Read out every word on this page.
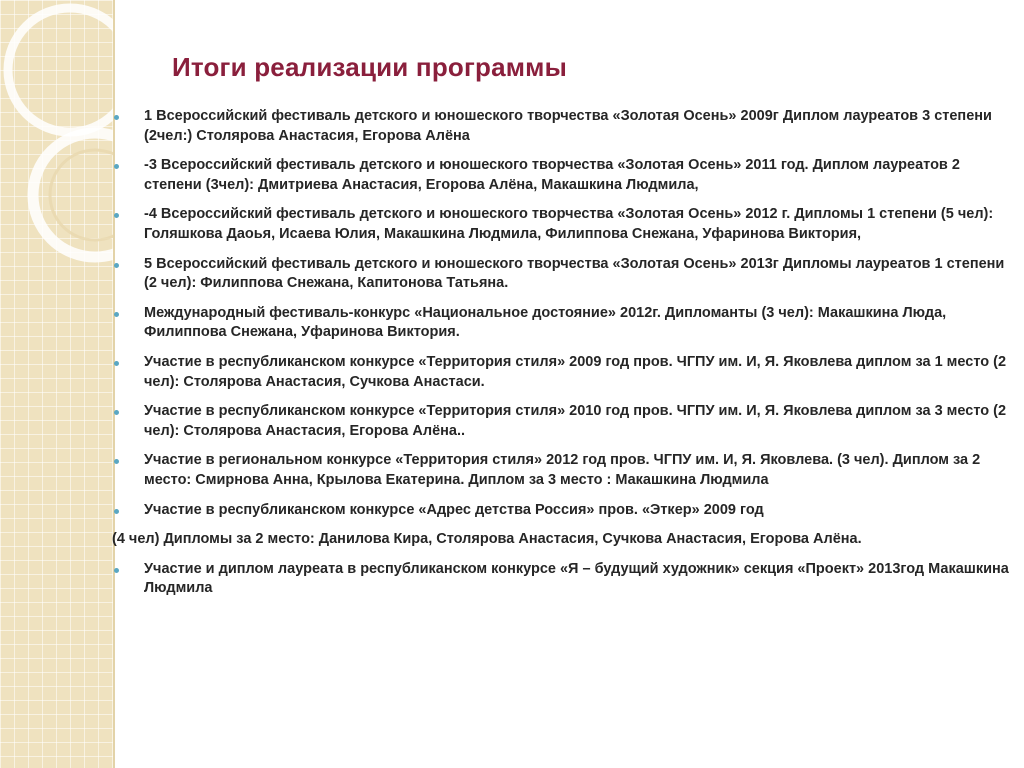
Итоги реализации программы
1 Всероссийский фестиваль детского и юношеского творчества «Золотая Осень» 2009г Диплом лауреатов 3 степени (2чел:) Столярова Анастасия, Егорова Алёна
-3 Всероссийский фестиваль детского и юношеского творчества «Золотая Осень» 2011 год. Диплом лауреатов 2 степени (3чел): Дмитриева Анастасия, Егорова Алёна, Макашкина Людмила,
-4 Всероссийский фестиваль детского и юношеского творчества «Золотая Осень» 2012 г. Дипломы 1 степени (5 чел): Голяшкова Даоья, Исаева Юлия, Макашкина Людмила, Филиппова Снежана, Уфаринова Виктория,
5 Всероссийский фестиваль детского и юношеского творчества «Золотая Осень» 2013г Дипломы лауреатов 1 степени (2 чел): Филиппова Снежана, Капитонова Татьяна.
Международный фестиваль-конкурс «Национальное достояние» 2012г. Дипломанты (3 чел): Макашкина Люда, Филиппова Снежана, Уфаринова Виктория.
Участие в республиканском конкурсе «Территория стиля» 2009 год пров. ЧГПУ им. И, Я. Яковлева диплом за 1 место (2 чел): Столярова Анастасия, Сучкова Анастаси.
Участие в республиканском конкурсе «Территория стиля» 2010 год пров. ЧГПУ им. И, Я. Яковлева диплом за 3 место (2 чел): Столярова Анастасия, Егорова Алёна..
Участие в региональном конкурсе «Территория стиля» 2012 год пров. ЧГПУ им. И, Я. Яковлева. (3 чел). Диплом за 2 место: Смирнова Анна, Крылова Екатерина. Диплом за 3 место : Макашкина Людмила
Участие в республиканском конкурсе «Адрес детства Россия» пров. «Эткер» 2009 год
(4 чел) Дипломы за 2 место: Данилова Кира, Столярова Анастасия, Сучкова Анастасия, Егорова Алёна.
Участие и диплом лауреата в республиканском конкурсе «Я – будущий художник» секция «Проект» 2013год Макашкина Людмила
